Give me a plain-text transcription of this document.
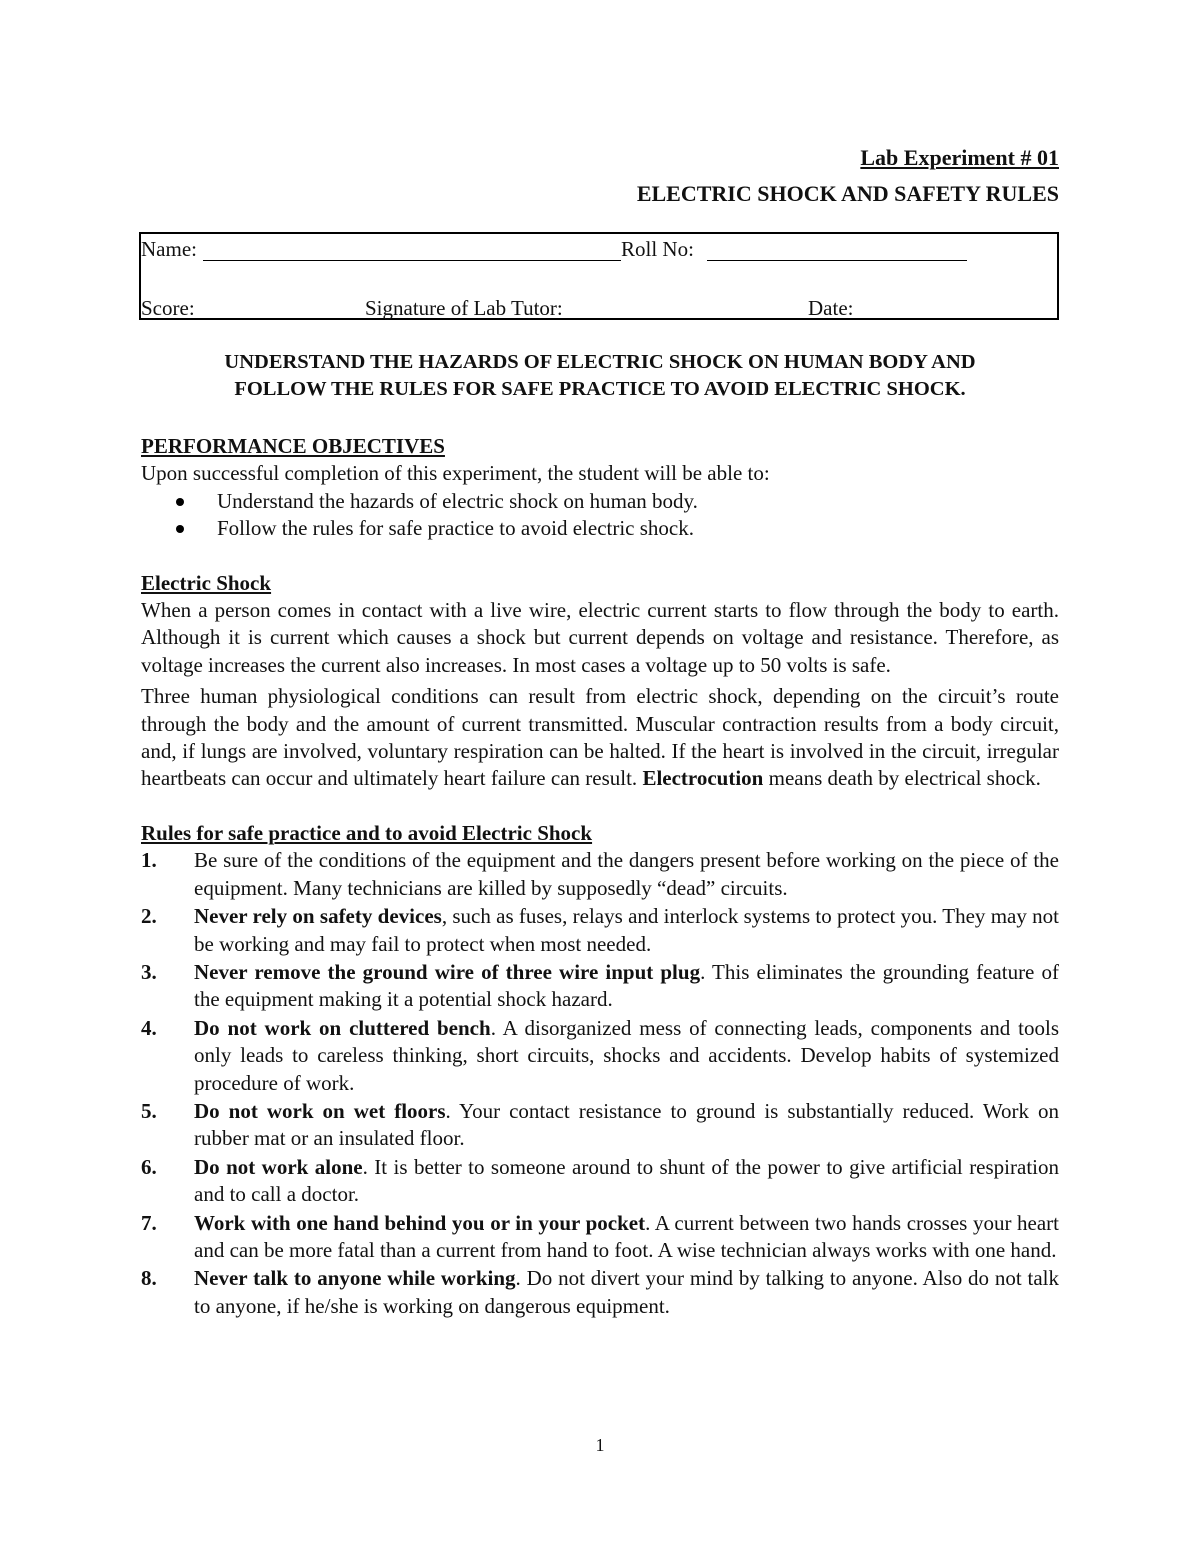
Lab Experiment # 01
ELECTRIC SHOCK AND SAFETY RULES
Name:	Roll No:
Score:	Signature of Lab Tutor:	Date:
UNDERSTAND THE HAZARDS OF ELECTRIC SHOCK ON HUMAN BODY AND
FOLLOW THE RULES FOR SAFE PRACTICE TO AVOID ELECTRIC SHOCK.
PERFORMANCE OBJECTIVES

Upon successful completion of this experiment, the student will be able to:

Understand the hazards of electric shock on human body.
Follow the rules for safe practice to avoid electric shock.
Electric Shock

When a person comes in contact with a live wire, electric current starts to flow through the body to earth. Although it is current which causes a shock but current depends on voltage and resistance. Therefore, as voltage increases the current also increases. In most cases a voltage up to 50 volts is safe.

Three human physiological conditions can result from electric shock, depending on the circuit’s route through the body and the amount of current transmitted. Muscular contraction results from a body circuit, and, if lungs are involved, voluntary respiration can be halted. If the heart is involved in the circuit, irregular heartbeats can occur and ultimately heart failure can result. Electrocution means death by electrical shock.

Rules for safe practice and to avoid Electric Shock
1. Be sure of the conditions of the equipment and the dangers present before working on the piece of the equipment. Many technicians are killed by supposedly “dead” circuits.
2. Never rely on safety devices, such as fuses, relays and interlock systems to protect you. They may not be working and may fail to protect when most needed.
3. Never remove the ground wire of three wire input plug. This eliminates the grounding feature of the equipment making it a potential shock hazard.
4. Do not work on cluttered bench. A disorganized mess of connecting leads, components and tools only leads to careless thinking, short circuits, shocks and accidents. Develop habits of systemized procedure of work.
5. Do not work on wet floors. Your contact resistance to ground is substantially reduced. Work on rubber mat or an insulated floor.
6. Do not work alone. It is better to someone around to shunt of the power to give artificial respiration and to call a doctor.
7. Work with one hand behind you or in your pocket. A current between two hands crosses your heart and can be more fatal than a current from hand to foot. A wise technician always works with one hand.
8. Never talk to anyone while working. Do not divert your mind by talking to anyone. Also do not talk to anyone, if he/she is working on dangerous equipment.
1
